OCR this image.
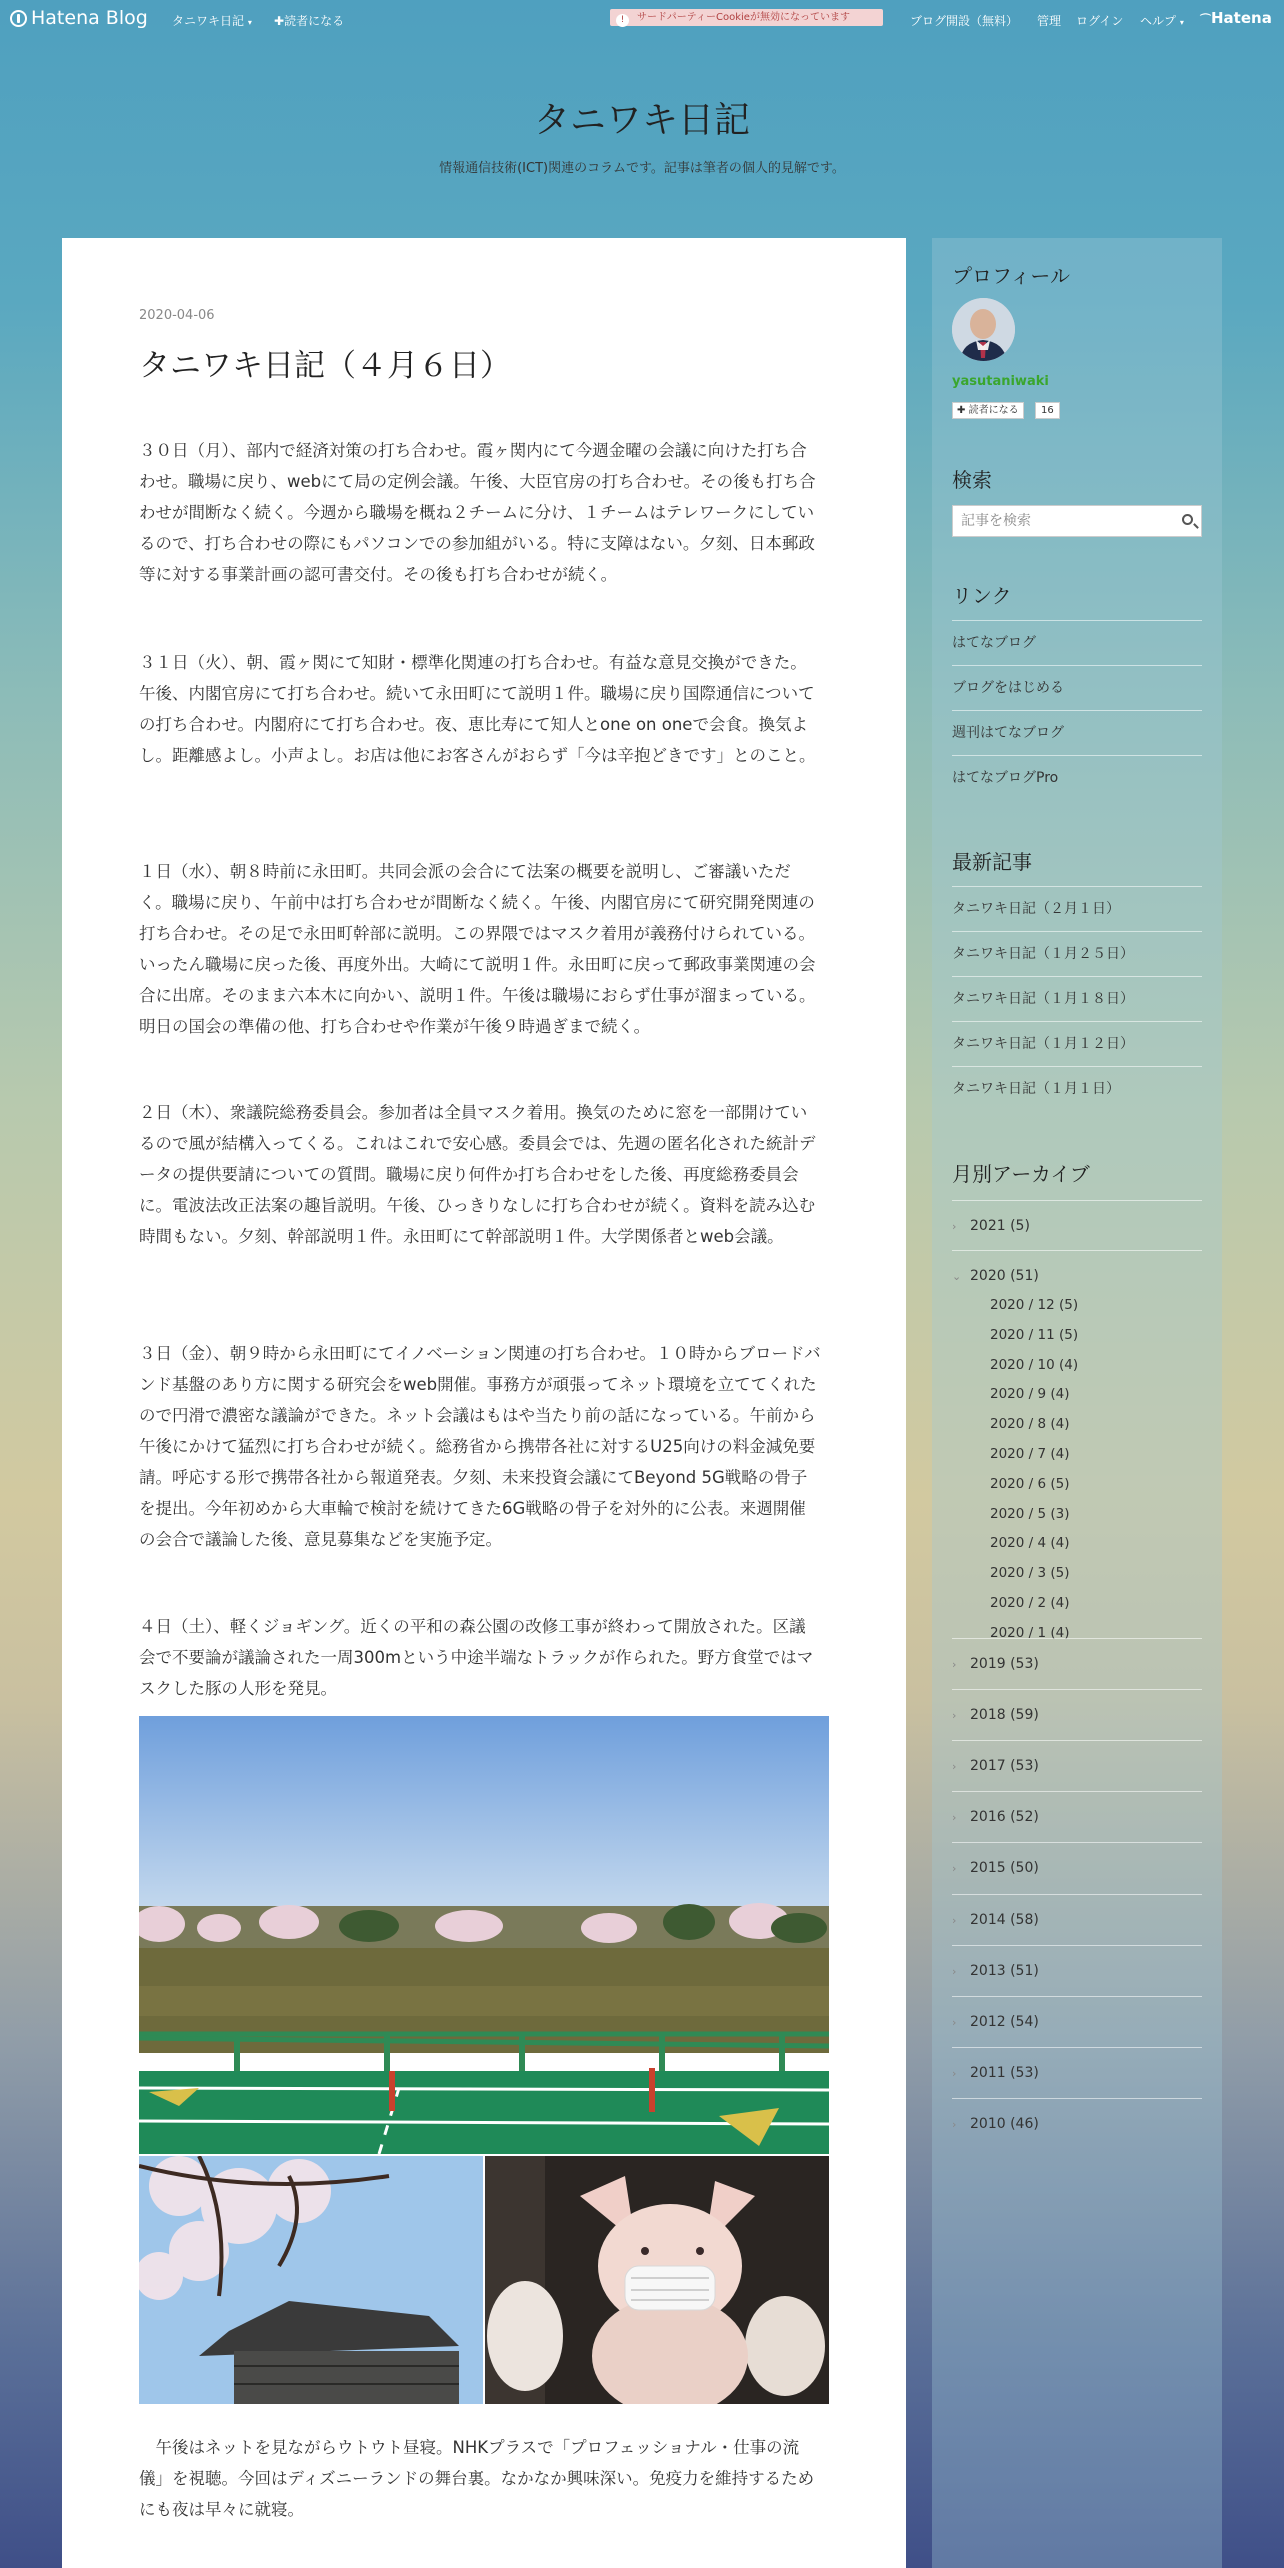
Hatena Blog タニワキ日記 ▾ ✚読者になる	! サードパーティーCookieが無効になっています	ブログ開設（無料） 管理 ログイン ヘルプ ▾ ⌒Hatena
タニワキ日記
情報通信技術(ICT)関連のコラムです。記事は筆者の個人的見解です。
2020-04-06
タニワキ日記（４月６日）

３０日（月）、部内で経済対策の打ち合わせ。霞ヶ関内にて今週金曜の会議に向けた打ち合わせ。職場に戻り、webにて局の定例会議。午後、大臣官房の打ち合わせ。その後も打ち合わせが間断なく続く。今週から職場を概ね２チームに分け、１チームはテレワークにしているので、打ち合わせの際にもパソコンでの参加組がいる。特に支障はない。夕刻、日本郵政等に対する事業計画の認可書交付。その後も打ち合わせが続く。

３１日（火）、朝、霞ヶ関にて知財・標準化関連の打ち合わせ。有益な意見交換ができた。午後、内閣官房にて打ち合わせ。続いて永田町にて説明１件。職場に戻り国際通信についての打ち合わせ。内閣府にて打ち合わせ。夜、恵比寿にて知人とone on oneで会食。換気よし。距離感よし。小声よし。お店は他にお客さんがおらず「今は辛抱どきです」とのこと。

１日（水）、朝８時前に永田町。共同会派の会合にて法案の概要を説明し、ご審議いただく。職場に戻り、午前中は打ち合わせが間断なく続く。午後、内閣官房にて研究開発関連の打ち合わせ。その足で永田町幹部に説明。この界隈ではマスク着用が義務付けられている。いったん職場に戻った後、再度外出。大崎にて説明１件。永田町に戻って郵政事業関連の会合に出席。そのまま六本木に向かい、説明１件。午後は職場におらず仕事が溜まっている。明日の国会の準備の他、打ち合わせや作業が午後９時過ぎまで続く。

２日（木）、衆議院総務委員会。参加者は全員マスク着用。換気のために窓を一部開けているので風が結構入ってくる。これはこれで安心感。委員会では、先週の匿名化された統計データの提供要請についての質問。職場に戻り何件か打ち合わせをした後、再度総務委員会に。電波法改正法案の趣旨説明。午後、ひっきりなしに打ち合わせが続く。資料を読み込む時間もない。夕刻、幹部説明１件。永田町にて幹部説明１件。大学関係者とweb会議。

３日（金）、朝９時から永田町にてイノベーション関連の打ち合わせ。１０時からブロードバンド基盤のあり方に関する研究会をweb開催。事務方が頑張ってネット環境を立ててくれたので円滑で濃密な議論ができた。ネット会議はもはや当たり前の話になっている。午前から午後にかけて猛烈に打ち合わせが続く。総務省から携帯各社に対するU25向けの料金減免要請。呼応する形で携帯各社から報道発表。夕刻、未来投資会議にてBeyond 5G戦略の骨子を提出。今年初めから大車輪で検討を続けてきた6G戦略の骨子を対外的に公表。来週開催の会合で議論した後、意見募集などを実施予定。

４日（土）、軽くジョギング。近くの平和の森公園の改修工事が終わって開放された。区議会で不要論が議論された一周300mという中途半端なトラックが作られた。野方食堂ではマスクした豚の人形を発見。

午後はネットを見ながらウトウト昼寝。NHKプラスで「プロフェッショナル・仕事の流儀」を視聴。今回はディズニーランドの舞台裏。なかなか興味深い。免疫力を維持するためにも夜は早々に就寝。

プロフィール
yasutaniwaki
✚ 読者になる	16
検索
記事を検索
リンク
はてなブログ
ブログをはじめる
週刊はてなブログ
はてなブログPro
最新記事
タニワキ日記（２月１日）
タニワキ日記（１月２５日）
タニワキ日記（１月１８日）
タニワキ日記（１月１２日）
タニワキ日記（１月１日）
月別アーカイブ
› 2021 (5)
⌄ 2020 (51)
2020 / 12 (5)
2020 / 11 (5)
2020 / 10 (4)
2020 / 9 (4)
2020 / 8 (4)
2020 / 7 (4)
2020 / 6 (5)
2020 / 5 (3)
2020 / 4 (4)
2020 / 3 (5)
2020 / 2 (4)
2020 / 1 (4)
› 2019 (53)
› 2018 (59)
› 2017 (53)
› 2016 (52)
› 2015 (50)
› 2014 (58)
› 2013 (51)
› 2012 (54)
› 2011 (53)
› 2010 (46)
